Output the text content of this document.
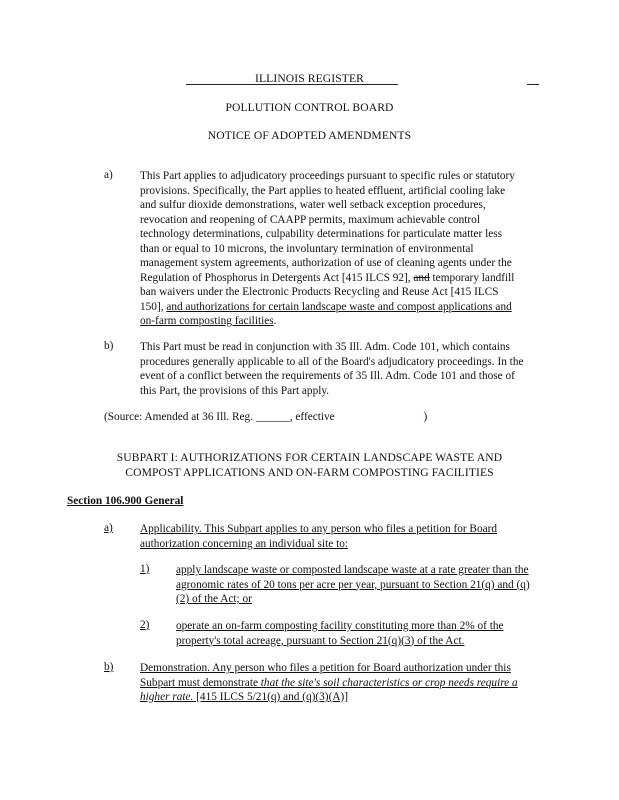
ILLINOIS REGISTER
POLLUTION CONTROL BOARD
NOTICE OF ADOPTED AMENDMENTS
a) This Part applies to adjudicatory proceedings pursuant to specific rules or statutory provisions. Specifically, the Part applies to heated effluent, artificial cooling lake and sulfur dioxide demonstrations, water well setback exception procedures, revocation and reopening of CAAPP permits, maximum achievable control technology determinations, culpability determinations for particulate matter less than or equal to 10 microns, the involuntary termination of environmental management system agreements, authorization of use of cleaning agents under the Regulation of Phosphorus in Detergents Act [415 ILCS 92], and temporary landfill ban waivers under the Electronic Products Recycling and Reuse Act [415 ILCS 150], and authorizations for certain landscape waste and compost applications and on-farm composting facilities.
b) This Part must be read in conjunction with 35 Ill. Adm. Code 101, which contains procedures generally applicable to all of the Board's adjudicatory proceedings. In the event of a conflict between the requirements of 35 Ill. Adm. Code 101 and those of this Part, the provisions of this Part apply.
(Source: Amended at 36 Ill. Reg. ______, effective	)
SUBPART I: AUTHORIZATIONS FOR CERTAIN LANDSCAPE WASTE AND
COMPOST APPLICATIONS AND ON-FARM COMPOSTING FACILITIES
Section 106.900 General
a) Applicability. This Subpart applies to any person who files a petition for Board authorization concerning an individual site to:
1) apply landscape waste or composted landscape waste at a rate greater than the agronomic rates of 20 tons per acre per year, pursuant to Section 21(q) and (q)(2) of the Act; or
2) operate an on-farm composting facility constituting more than 2% of the property's total acreage, pursuant to Section 21(q)(3) of the Act.
b) Demonstration. Any person who files a petition for Board authorization under this Subpart must demonstrate that the site's soil characteristics or crop needs require a higher rate. [415 ILCS 5/21(q) and (q)(3)(A)]
